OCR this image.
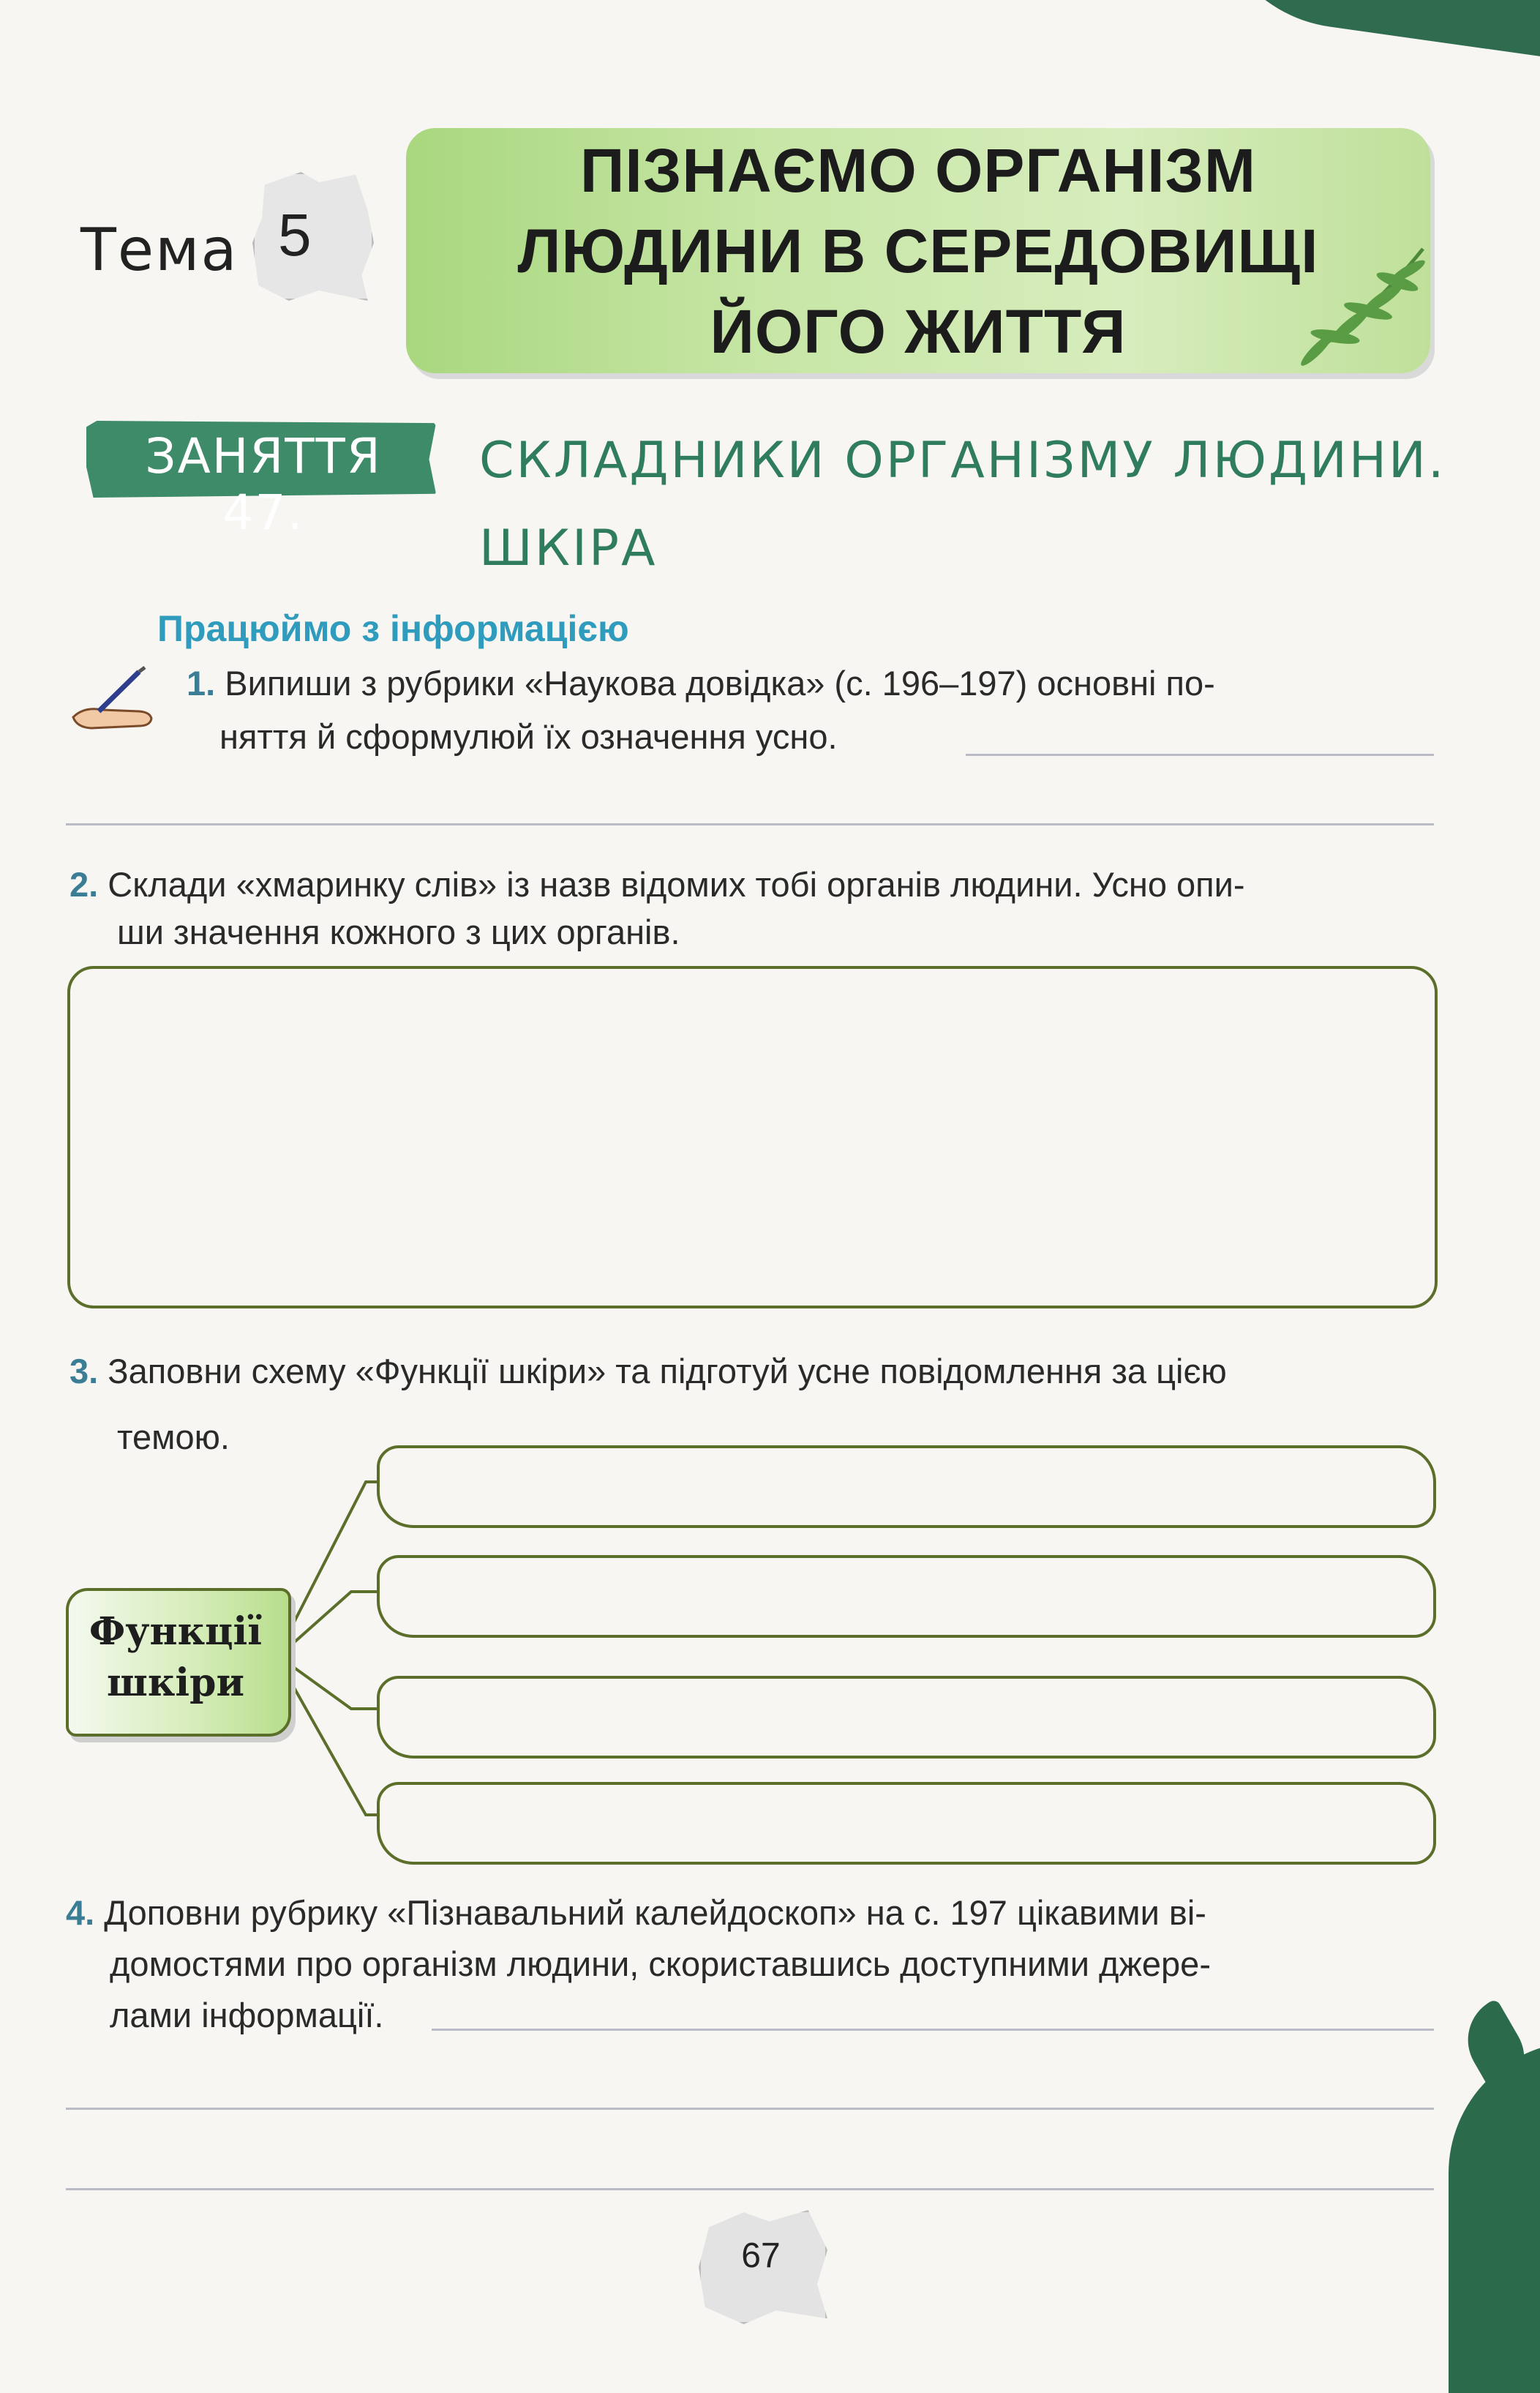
Тема 5
ПІЗНАЄМО ОРГАНІЗМ
ЛЮДИНИ В СЕРЕДОВИЩІ
ЙОГО ЖИТТЯ
ЗАНЯТТЯ 47.
СКЛАДНИКИ ОРГАНІЗМУ ЛЮДИНИ.
ШКІРА
Працюймо з інформацією
1. Випиши з рубрики «Наукова довідка» (с. 196–197) основні по-
няття й сформулюй їх означення усно.
2. Склади «хмаринку слів» із назв відомих тобі органів людини. Усно опи-
ши значення кожного з цих органів.
3. Заповни схему «Функції шкіри» та підготуй усне повідомлення за цією
темою.
Функції
шкіри
4. Доповни рубрику «Пізнавальний калейдоскоп» на с. 197 цікавими ві-
домостями про організм людини, скориставшись доступними джере-
лами інформації.
67
